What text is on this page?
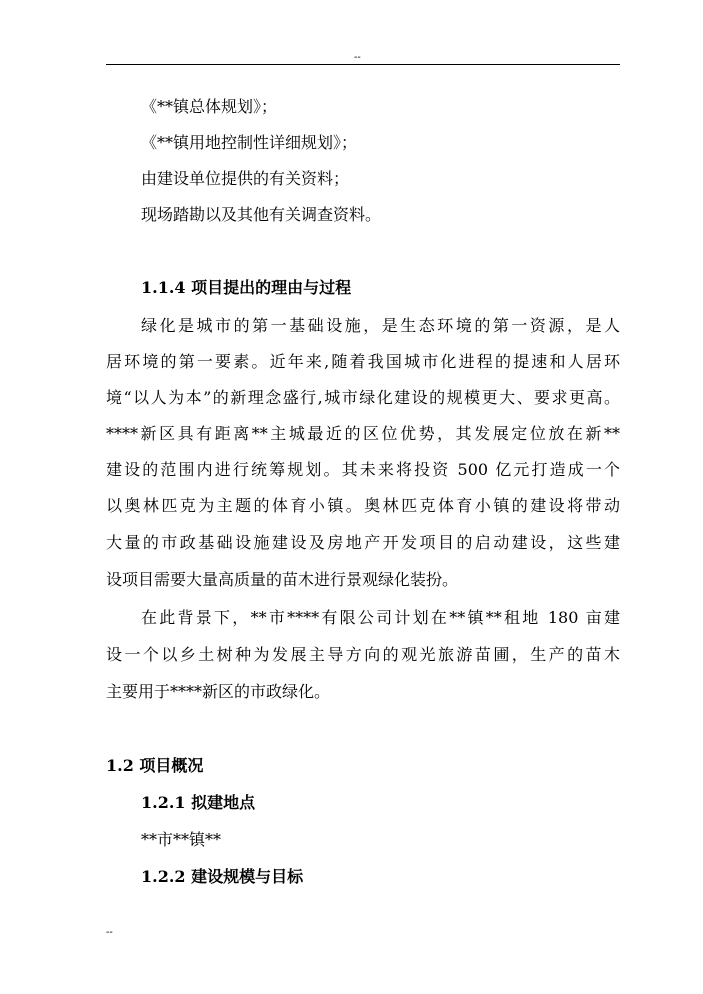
--
《**镇总体规划》；
《**镇用地控制性详细规划》；
由建设单位提供的有关资料；
现场踏勘以及其他有关调查资料。
1.1.4 项目提出的理由与过程
绿化是城市的第一基础设施，是生态环境的第一资源，是人
居环境的第一要素。近年来,随着我国城市化进程的提速和人居环
境“以人为本”的新理念盛行,城市绿化建设的规模更大、要求更高。
****新区具有距离**主城最近的区位优势，其发展定位放在新**
建设的范围内进行统筹规划。其未来将投资 500 亿元打造成一个
以奥林匹克为主题的体育小镇。奥林匹克体育小镇的建设将带动
大量的市政基础设施建设及房地产开发项目的启动建设，这些建
设项目需要大量高质量的苗木进行景观绿化装扮。
在此背景下，**市****有限公司计划在**镇**租地 180 亩建
设一个以乡土树种为发展主导方向的观光旅游苗圃，生产的苗木
主要用于****新区的市政绿化。
1.2 项目概况
1.2.1 拟建地点
**市**镇**
1.2.2 建设规模与目标
--
